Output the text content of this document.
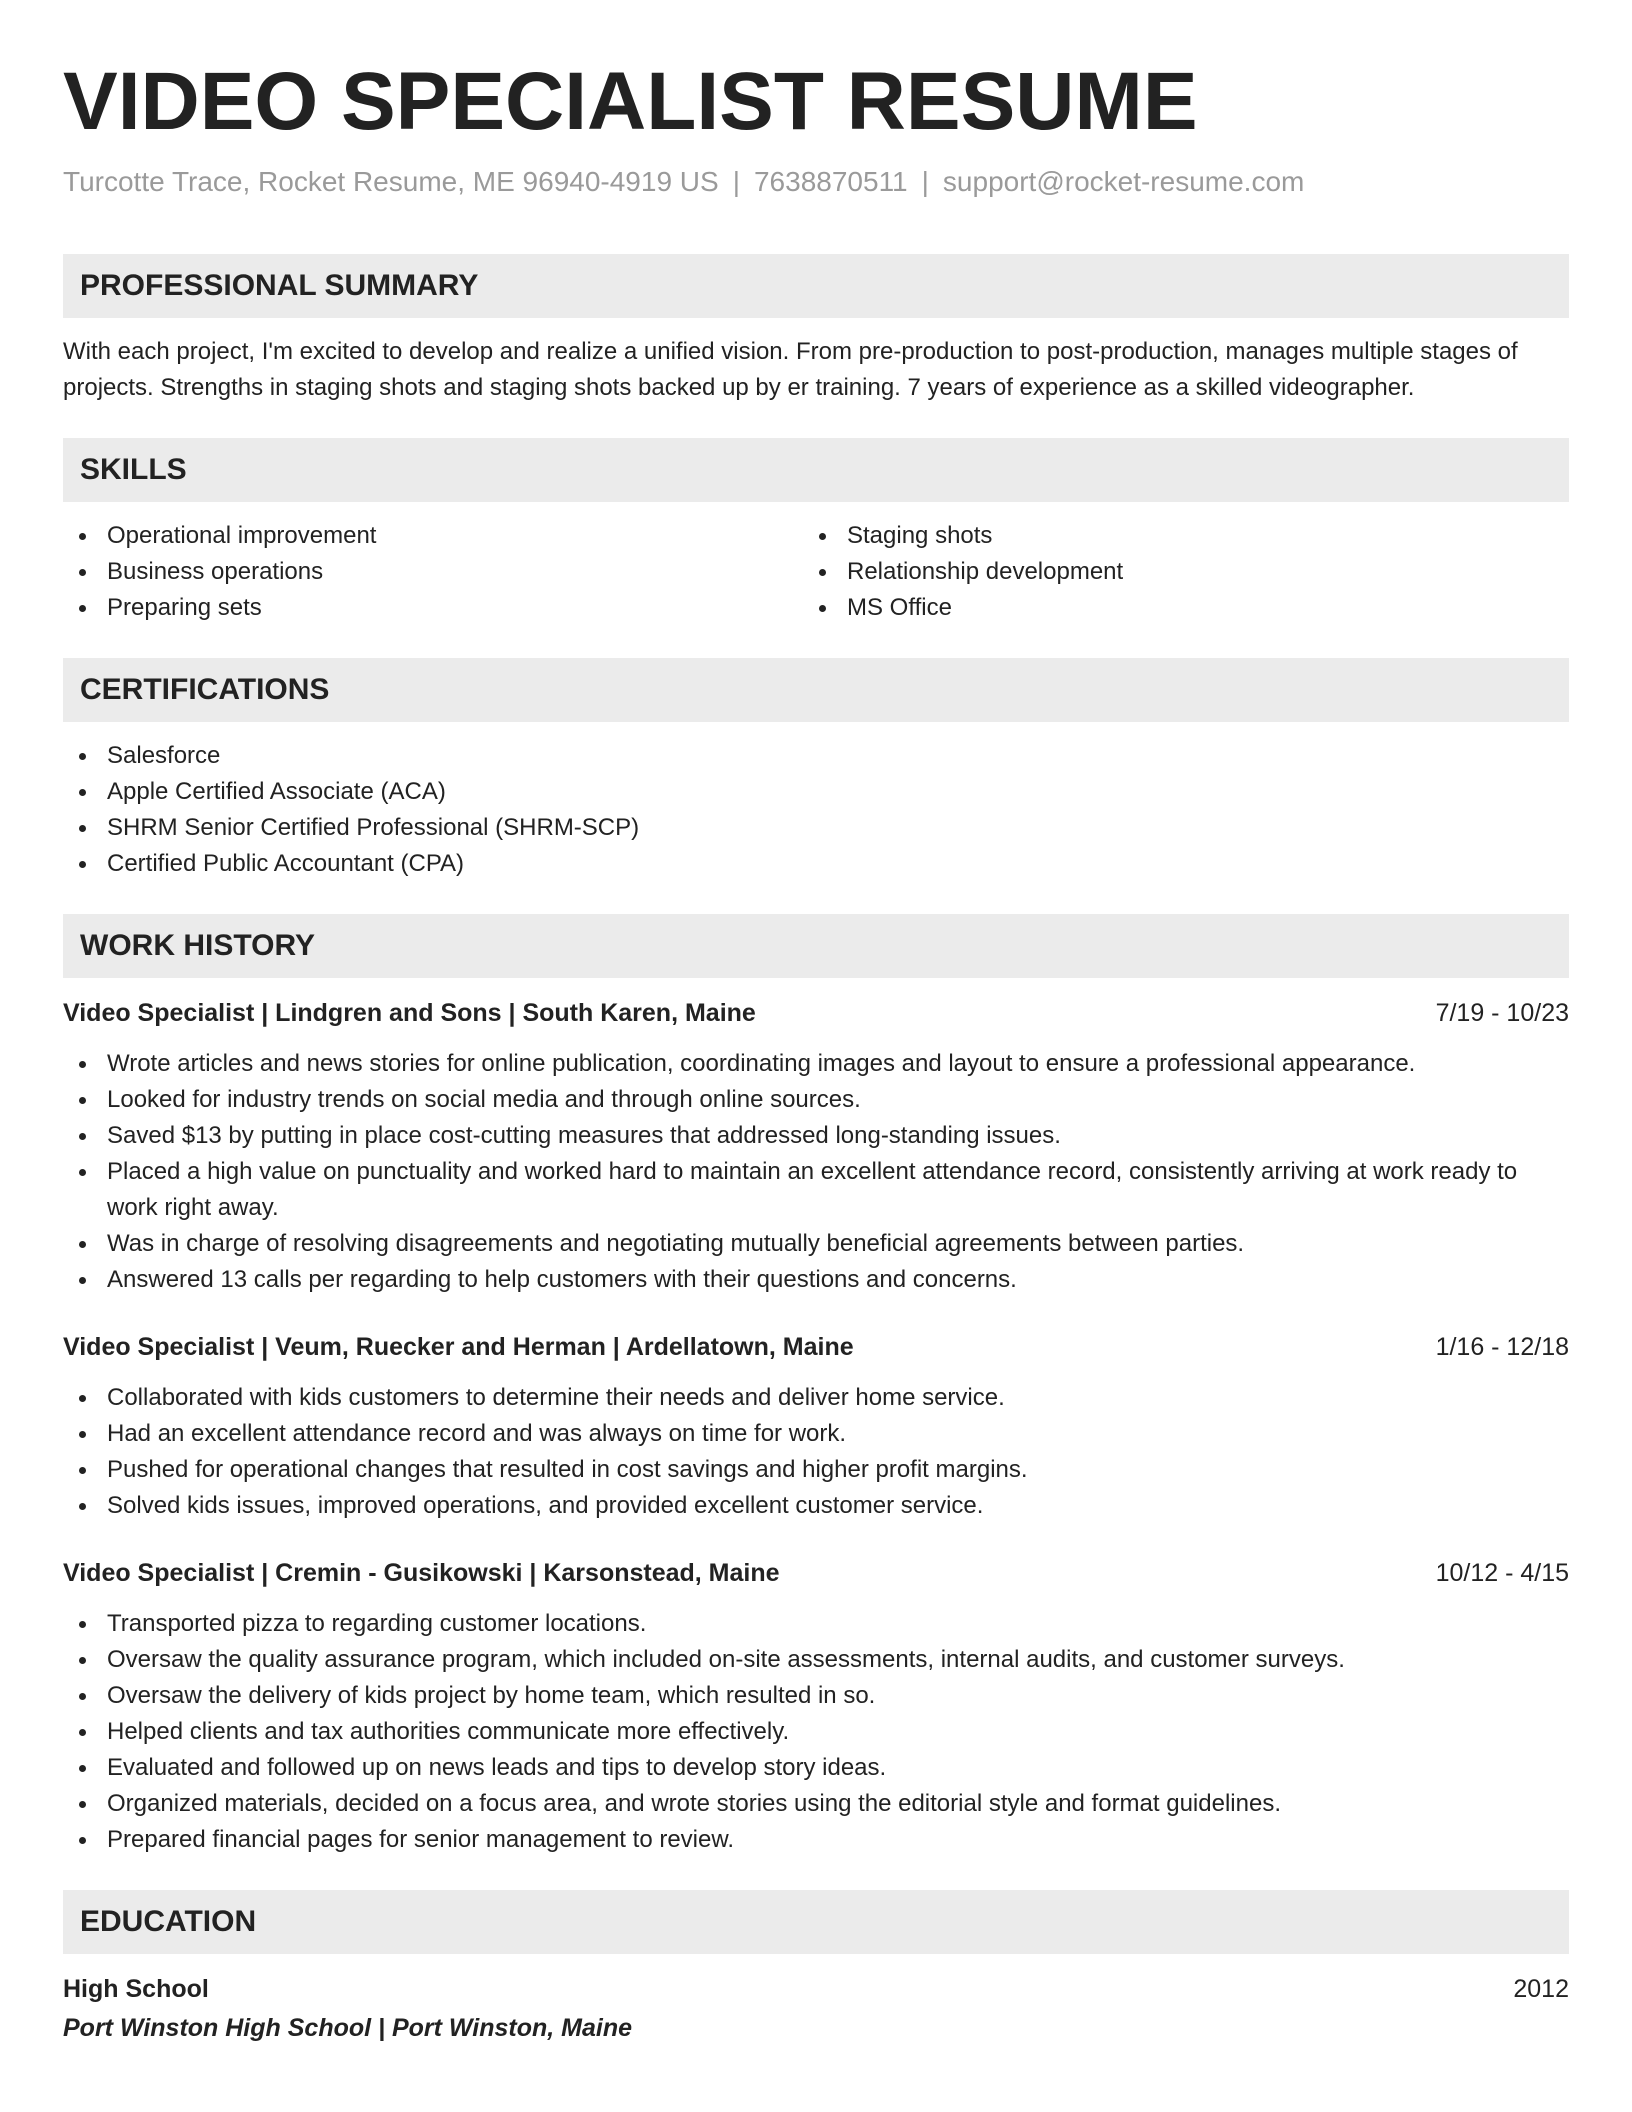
VIDEO SPECIALIST RESUME
Turcotte Trace, Rocket Resume, ME 96940-4919 US | 7638870511 | support@rocket-resume.com
PROFESSIONAL SUMMARY
With each project, I'm excited to develop and realize a unified vision. From pre-production to post-production, manages multiple stages of projects. Strengths in staging shots and staging shots backed up by er training. 7 years of experience as a skilled videographer.
SKILLS
Operational improvement
Business operations
Preparing sets
Staging shots
Relationship development
MS Office
CERTIFICATIONS
Salesforce
Apple Certified Associate (ACA)
SHRM Senior Certified Professional (SHRM-SCP)
Certified Public Accountant (CPA)
WORK HISTORY
Video Specialist | Lindgren and Sons | South Karen, Maine	7/19 - 10/23
Wrote articles and news stories for online publication, coordinating images and layout to ensure a professional appearance.
Looked for industry trends on social media and through online sources.
Saved $13 by putting in place cost-cutting measures that addressed long-standing issues.
Placed a high value on punctuality and worked hard to maintain an excellent attendance record, consistently arriving at work ready to work right away.
Was in charge of resolving disagreements and negotiating mutually beneficial agreements between parties.
Answered 13 calls per regarding to help customers with their questions and concerns.
Video Specialist | Veum, Ruecker and Herman | Ardellatown, Maine	1/16 - 12/18
Collaborated with kids customers to determine their needs and deliver home service.
Had an excellent attendance record and was always on time for work.
Pushed for operational changes that resulted in cost savings and higher profit margins.
Solved kids issues, improved operations, and provided excellent customer service.
Video Specialist | Cremin - Gusikowski | Karsonstead, Maine	10/12 - 4/15
Transported pizza to regarding customer locations.
Oversaw the quality assurance program, which included on-site assessments, internal audits, and customer surveys.
Oversaw the delivery of kids project by home team, which resulted in so.
Helped clients and tax authorities communicate more effectively.
Evaluated and followed up on news leads and tips to develop story ideas.
Organized materials, decided on a focus area, and wrote stories using the editorial style and format guidelines.
Prepared financial pages for senior management to review.
EDUCATION
High School	2012
Port Winston High School | Port Winston, Maine
